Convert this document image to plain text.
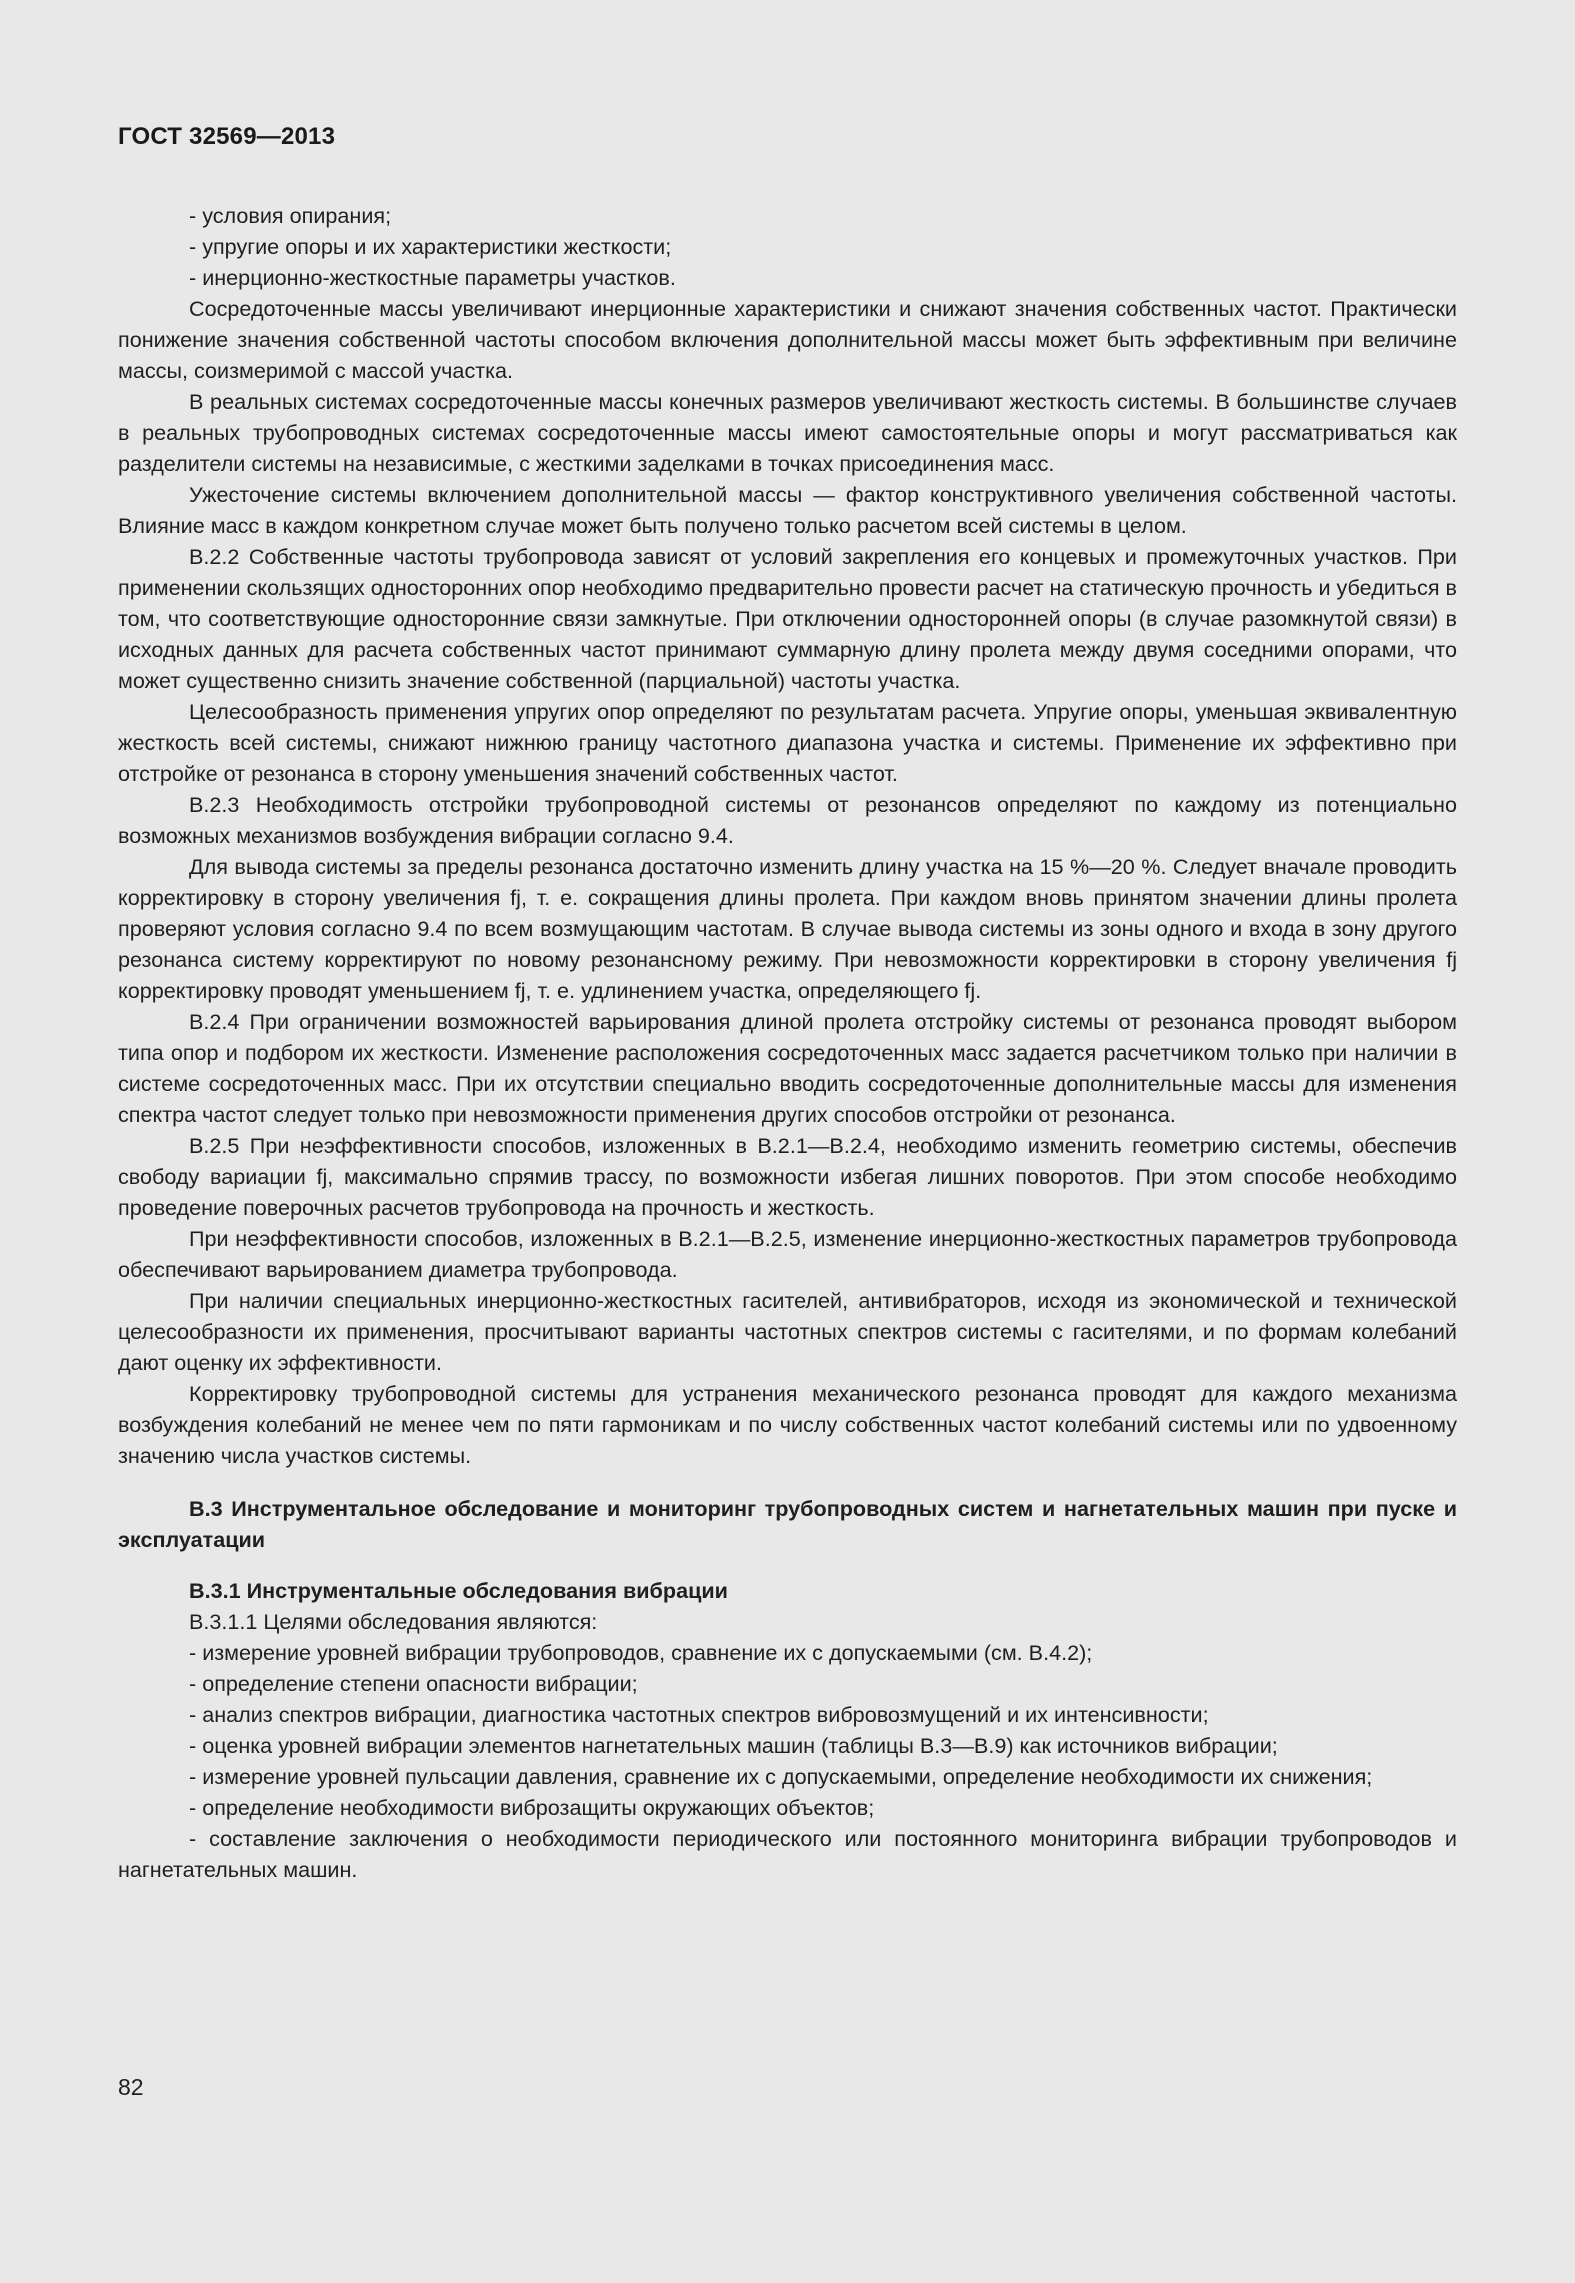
ГОСТ 32569—2013

- условия опирания;

- упругие опоры и их характеристики жесткости;

- инерционно-жесткостные параметры участков.

Сосредоточенные массы увеличивают инерционные характеристики и снижают значения собственных частот. Практически понижение значения собственной частоты способом включения дополнительной массы может быть эффективным при величине массы, соизмеримой с массой участка.

В реальных системах сосредоточенные массы конечных размеров увеличивают жесткость системы. В большинстве случаев в реальных трубопроводных системах сосредоточенные массы имеют самостоятельные опоры и могут рассматриваться как разделители системы на независимые, с жесткими заделками в точках присоединения масс.

Ужесточение системы включением дополнительной массы — фактор конструктивного увеличения собственной частоты. Влияние масс в каждом конкретном случае может быть получено только расчетом всей системы в целом.

В.2.2 Собственные частоты трубопровода зависят от условий закрепления его концевых и промежуточных участков. При применении скользящих односторонних опор необходимо предварительно провести расчет на статическую прочность и убедиться в том, что соответствующие односторонние связи замкнутые. При отключении односторонней опоры (в случае разомкнутой связи) в исходных данных для расчета собственных частот принимают суммарную длину пролета между двумя соседними опорами, что может существенно снизить значение собственной (парциальной) частоты участка.

Целесообразность применения упругих опор определяют по результатам расчета. Упругие опоры, уменьшая эквивалентную жесткость всей системы, снижают нижнюю границу частотного диапазона участка и системы. Применение их эффективно при отстройке от резонанса в сторону уменьшения значений собственных частот.

В.2.3 Необходимость отстройки трубопроводной системы от резонансов определяют по каждому из потенциально возможных механизмов возбуждения вибрации согласно 9.4.

Для вывода системы за пределы резонанса достаточно изменить длину участка на 15 %—20 %. Следует вначале проводить корректировку в сторону увеличения fj, т. е. сокращения длины пролета. При каждом вновь принятом значении длины пролета проверяют условия согласно 9.4 по всем возмущающим частотам. В случае вывода системы из зоны одного и входа в зону другого резонанса систему корректируют по новому резонансному режиму. При невозможности корректировки в сторону увеличения fj корректировку проводят уменьшением fj, т. е. удлинением участка, определяющего fj.

В.2.4 При ограничении возможностей варьирования длиной пролета отстройку системы от резонанса проводят выбором типа опор и подбором их жесткости. Изменение расположения сосредоточенных масс задается расчетчиком только при наличии в системе сосредоточенных масс. При их отсутствии специально вводить сосредоточенные дополнительные массы для изменения спектра частот следует только при невозможности применения других способов отстройки от резонанса.

В.2.5 При неэффективности способов, изложенных в В.2.1—В.2.4, необходимо изменить геометрию системы, обеспечив свободу вариации fj, максимально спрямив трассу, по возможности избегая лишних поворотов. При этом способе необходимо проведение поверочных расчетов трубопровода на прочность и жесткость.

При неэффективности способов, изложенных в В.2.1—В.2.5, изменение инерционно-жесткостных параметров трубопровода обеспечивают варьированием диаметра трубопровода.

При наличии специальных инерционно-жесткостных гасителей, антивибраторов, исходя из экономической и технической целесообразности их применения, просчитывают варианты частотных спектров системы с гасителями, и по формам колебаний дают оценку их эффективности.

Корректировку трубопроводной системы для устранения механического резонанса проводят для каждого механизма возбуждения колебаний не менее чем по пяти гармоникам и по числу собственных частот колебаний системы или по удвоенному значению числа участков системы.

В.3 Инструментальное обследование и мониторинг трубопроводных систем и нагнетательных машин при пуске и эксплуатации

В.3.1 Инструментальные обследования вибрации

В.3.1.1 Целями обследования являются:

- измерение уровней вибрации трубопроводов, сравнение их с допускаемыми (см. В.4.2);

- определение степени опасности вибрации;

- анализ спектров вибрации, диагностика частотных спектров вибровозмущений и их интенсивности;

- оценка уровней вибрации элементов нагнетательных машин (таблицы В.3—В.9) как источников вибрации;

- измерение уровней пульсации давления, сравнение их с допускаемыми, определение необходимости их снижения;

- определение необходимости виброзащиты окружающих объектов;

- составление заключения о необходимости периодического или постоянного мониторинга вибрации трубопроводов и нагнетательных машин.

82
